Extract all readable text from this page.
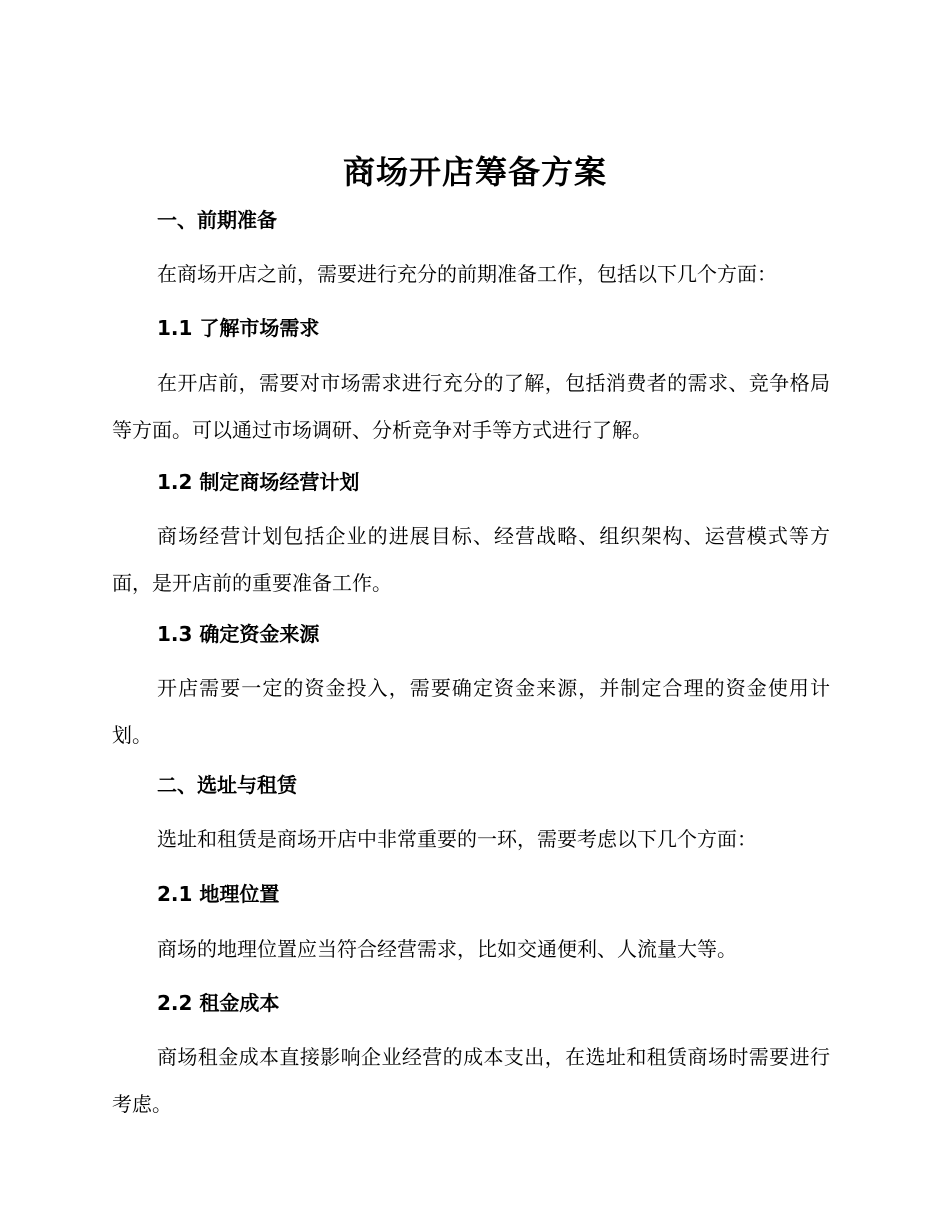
商场开店筹备方案
一、前期准备
在商场开店之前，需要进行充分的前期准备工作，包括以下几个方面：
1.1 了解市场需求
在开店前，需要对市场需求进行充分的了解，包括消费者的需求、竞争格局等方面。可以通过市场调研、分析竞争对手等方式进行了解。
1.2 制定商场经营计划
商场经营计划包括企业的进展目标、经营战略、组织架构、运营模式等方面，是开店前的重要准备工作。
1.3 确定资金来源
开店需要一定的资金投入，需要确定资金来源，并制定合理的资金使用计划。
二、选址与租赁
选址和租赁是商场开店中非常重要的一环，需要考虑以下几个方面：
2.1 地理位置
商场的地理位置应当符合经营需求，比如交通便利、人流量大等。
2.2 租金成本
商场租金成本直接影响企业经营的成本支出，在选址和租赁商场时需要进行考虑。
